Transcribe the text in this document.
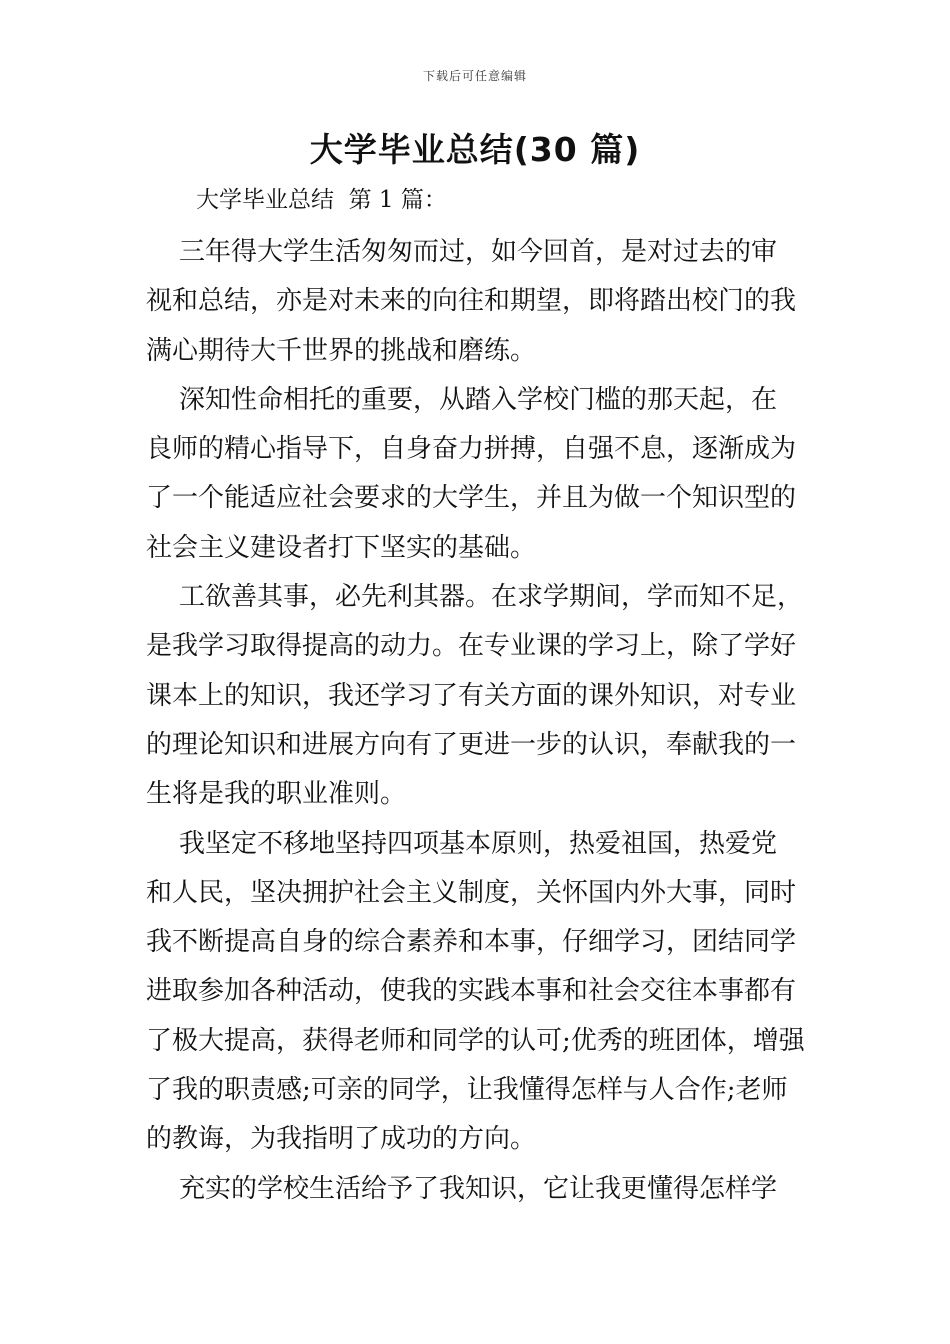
下载后可任意编辑
大学毕业总结(30 篇)
大学毕业总结  第 1 篇：
三年得大学生活匆匆而过，如今回首，是对过去的审
视和总结，亦是对未来的向往和期望，即将踏出校门的我
满心期待大千世界的挑战和磨练。
深知性命相托的重要，从踏入学校门槛的那天起，在
良师的精心指导下，自身奋力拼搏，自强不息，逐渐成为
了一个能适应社会要求的大学生，并且为做一个知识型的
社会主义建设者打下坚实的基础。
工欲善其事，必先利其器。在求学期间，学而知不足，
是我学习取得提高的动力。在专业课的学习上，除了学好
课本上的知识，我还学习了有关方面的课外知识，对专业
的理论知识和进展方向有了更进一步的认识，奉献我的一
生将是我的职业准则。
我坚定不移地坚持四项基本原则，热爱祖国，热爱党
和人民，坚决拥护社会主义制度，关怀国内外大事，同时
我不断提高自身的综合素养和本事，仔细学习，团结同学
进取参加各种活动，使我的实践本事和社会交往本事都有
了极大提高，获得老师和同学的认可;优秀的班团体，增强
了我的职责感;可亲的同学，让我懂得怎样与人合作;老师
的教诲，为我指明了成功的方向。
充实的学校生活给予了我知识，它让我更懂得怎样学
